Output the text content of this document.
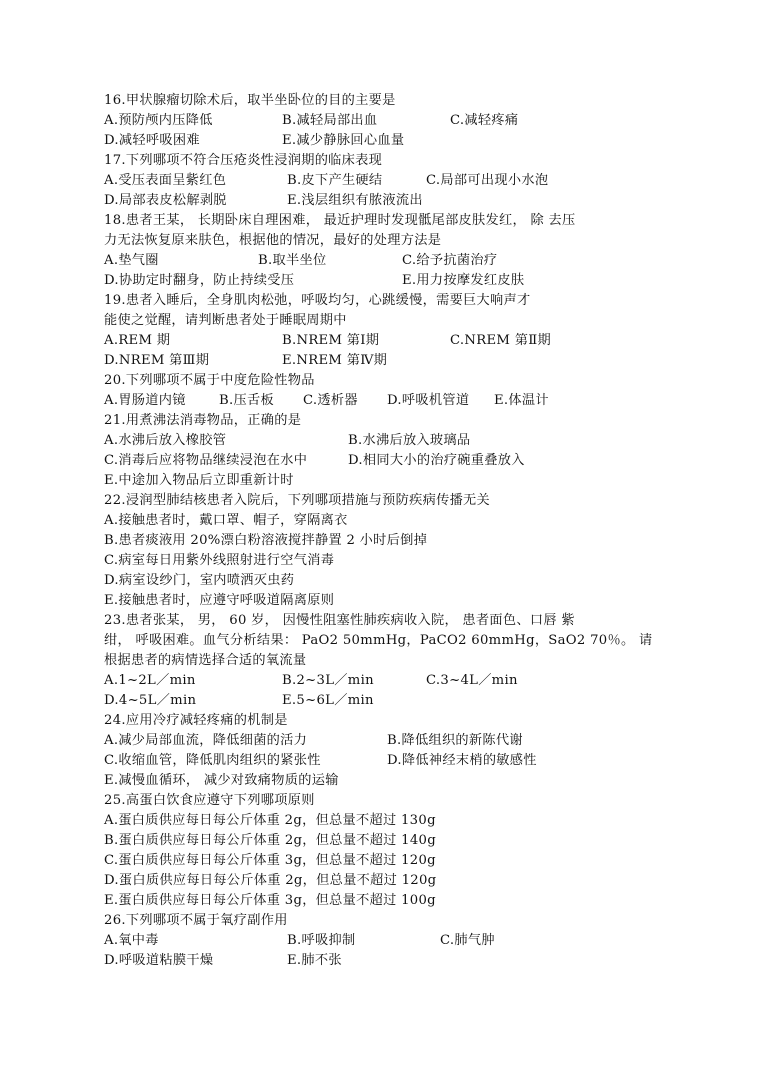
16.甲状腺瘤切除术后，取半坐卧位的目的主要是
A.预防颅内压降低	B.减轻局部出血	C.减轻疼痛
D.减轻呼吸困难	E.减少静脉回心血量
17.下列哪项不符合压疮炎性浸润期的临床表现
A.受压表面呈紫红色	B.皮下产生硬结	C.局部可出现小水泡
D.局部表皮松解剥脱	E.浅层组织有脓液流出
18.患者王某， 长期卧床自理困难， 最近护理时发现骶尾部皮肤发红， 除 去压
力无法恢复原来肤色，根据他的情况，最好的处理方法是
A.垫气圈	B.取半坐位	C.给予抗菌治疗
D.协助定时翻身，防止持续受压	E.用力按摩发红皮肤
19.患者入睡后，全身肌肉松弛，呼吸均匀，心跳缓慢，需要巨大响声才
能使之觉醒，请判断患者处于睡眠周期中
A.REM 期	B.NREM 第Ⅰ期	C.NREM 第Ⅱ期
D.NREM 第Ⅲ期	E.NREM 第Ⅳ期
20.下列哪项不属于中度危险性物品
A.胃肠道内镜	B.压舌板 C.透析器 D.呼吸机管道 E.体温计
21.用煮沸法消毒物品，正确的是
A.水沸后放入橡胶管	B.水沸后放入玻璃品
C.消毒后应将物品继续浸泡在水中	D.相同大小的治疗碗重叠放入
E.中途加入物品后立即重新计时
22.浸润型肺结核患者入院后，下列哪项措施与预防疾病传播无关
A.接触患者时，戴口罩、帽子，穿隔离衣
B.患者痰液用 20%漂白粉溶液搅拌静置 2 小时后倒掉
C.病室每日用紫外线照射进行空气消毒
D.病室设纱门，室内喷洒灭虫药
E.接触患者时，应遵守呼吸道隔离原则
23.患者张某， 男， 60 岁， 因慢性阻塞性肺疾病收入院， 患者面色、口唇 紫
绀， 呼吸困难。血气分析结果： PaO2 50mmHg，PaCO2 60mmHg，SaO2 70％。 请
根据患者的病情选择合适的氧流量
A.1~2L／min	B.2~3L／min	C.3~4L／min
D.4~5L／min	E.5~6L／min
24.应用冷疗减轻疼痛的机制是
A.减少局部血流，降低细菌的活力	B.降低组织的新陈代谢
C.收缩血管，降低肌肉组织的紧张性	D.降低神经末梢的敏感性
E.减慢血循环， 减少对致痛物质的运输
25.高蛋白饮食应遵守下列哪项原则
A.蛋白质供应每日每公斤体重 2g，但总量不超过 130g
B.蛋白质供应每日每公斤体重 2g，但总量不超过 140g
C.蛋白质供应每日每公斤体重 3g，但总量不超过 120g
D.蛋白质供应每日每公斤体重 2g，但总量不超过 120g
E.蛋白质供应每日每公斤体重 3g，但总量不超过 100g
26.下列哪项不属于氧疗副作用
A.氧中毒	B.呼吸抑制	C.肺气肿
D.呼吸道粘膜干燥	E.肺不张
